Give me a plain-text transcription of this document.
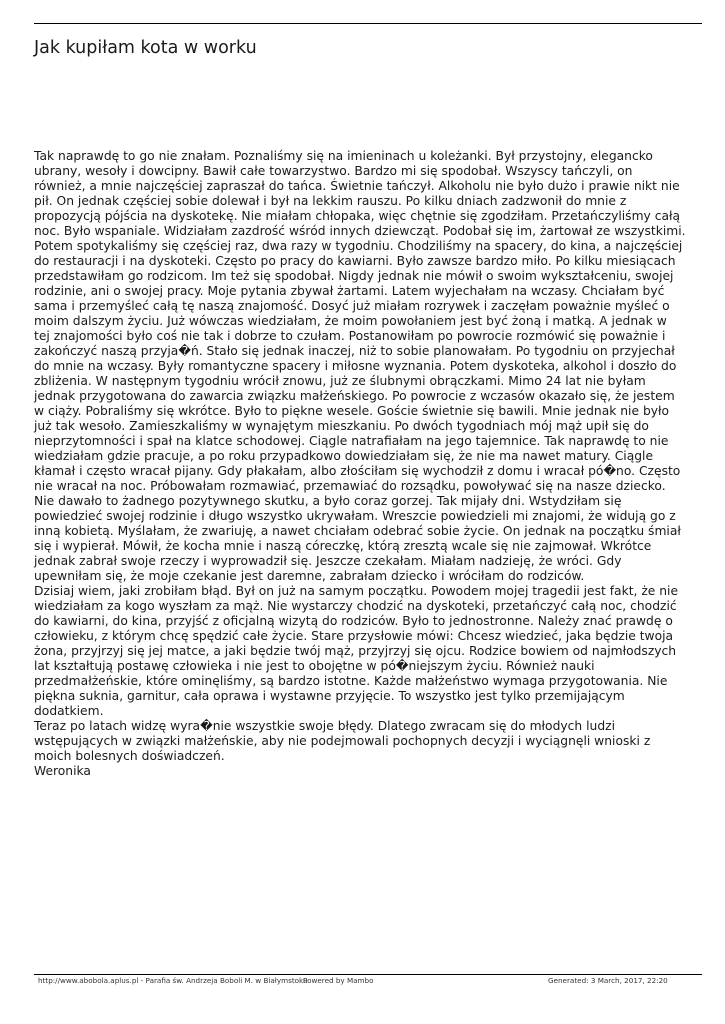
Jak kupiłam kota w worku

Tak naprawdę to go nie znałam. Poznaliśmy się na imieninach u koleżanki. Był przystojny, elegancko
ubrany, wesoły i dowcipny. Bawił całe towarzystwo. Bardzo mi się spodobał. Wszyscy tańczyli, on
również, a mnie najczęściej zapraszał do tańca. Świetnie tańczył. Alkoholu nie było dużo i prawie nikt nie
pił. On jednak częściej sobie dolewał i był na lekkim rauszu. Po kilku dniach zadzwonił do mnie z
propozycją pójścia na dyskotekę. Nie miałam chłopaka, więc chętnie się zgodziłam. Przetańczyliśmy całą
noc. Było wspaniale. Widziałam zazdrość wśród innych dziewcząt. Podobał się im, żartował ze wszystkimi.
Potem spotykaliśmy się częściej raz, dwa razy w tygodniu. Chodziliśmy na spacery, do kina, a najczęściej
do restauracji i na dyskoteki. Często po pracy do kawiarni. Było zawsze bardzo miło. Po kilku miesiącach
przedstawiłam go rodzicom. Im też się spodobał. Nigdy jednak nie mówił o swoim wykształceniu, swojej
rodzinie, ani o swojej pracy. Moje pytania zbywał żartami. Latem wyjechałam na wczasy. Chciałam być
sama i przemyśleć całą tę naszą znajomość. Dosyć już miałam rozrywek i zaczęłam poważnie myśleć o
moim dalszym życiu. Już wówczas wiedziałam, że moim powołaniem jest być żoną i matką. A jednak w
tej znajomości było coś nie tak i dobrze to czułam. Postanowiłam po powrocie rozmówić się poważnie i
zakończyć naszą przyja�ń. Stało się jednak inaczej, niż to sobie planowałam. Po tygodniu on przyjechał
do mnie na wczasy. Były romantyczne spacery i miłosne wyznania. Potem dyskoteka, alkohol i doszło do
zbliżenia. W następnym tygodniu wrócił znowu, już ze ślubnymi obrączkami. Mimo 24 lat nie byłam
jednak przygotowana do zawarcia związku małżeńskiego. Po powrocie z wczasów okazało się, że jestem
w ciąży. Pobraliśmy się wkrótce. Było to piękne wesele. Goście świetnie się bawili. Mnie jednak nie było
już tak wesoło. Zamieszkaliśmy w wynajętym mieszkaniu. Po dwóch tygodniach mój mąż upił się do
nieprzytomności i spał na klatce schodowej. Ciągle natrafiałam na jego tajemnice. Tak naprawdę to nie
wiedziałam gdzie pracuje, a po roku przypadkowo dowiedziałam się, że nie ma nawet matury. Ciągle
kłamał i często wracał pijany. Gdy płakałam, albo złościłam się wychodził z domu i wracał pó�no. Często
nie wracał na noc. Próbowałam rozmawiać, przemawiać do rozsądku, powoływać się na nasze dziecko.
Nie dawało to żadnego pozytywnego skutku, a było coraz gorzej. Tak mijały dni. Wstydziłam się
powiedzieć swojej rodzinie i długo wszystko ukrywałam. Wreszcie powiedzieli mi znajomi, że widują go z
inną kobietą. Myślałam, że zwariuję, a nawet chciałam odebrać sobie życie. On jednak na początku śmiał
się i wypierał. Mówił, że kocha mnie i naszą córeczkę, którą zresztą wcale się nie zajmował. Wkrótce
jednak zabrał swoje rzeczy i wyprowadził się. Jeszcze czekałam. Miałam nadzieję, że wróci. Gdy
upewniłam się, że moje czekanie jest daremne, zabrałam dziecko i wróciłam do rodziców.

Dzisiaj wiem, jaki zrobiłam błąd. Był on już na samym początku. Powodem mojej tragedii jest fakt, że nie
wiedziałam za kogo wyszłam za mąż. Nie wystarczy chodzić na dyskoteki, przetańczyć całą noc, chodzić
do kawiarni, do kina, przyjść z oficjalną wizytą do rodziców. Było to jednostronne. Należy znać prawdę o
człowieku, z którym chcę spędzić całe życie. Stare przysłowie mówi: Chcesz wiedzieć, jaka będzie twoja
żona, przyjrzyj się jej matce, a jaki będzie twój mąż, przyjrzyj się ojcu. Rodzice bowiem od najmłodszych
lat kształtują postawę człowieka i nie jest to obojętne w pó�niejszym życiu. Również nauki
przedmałżeńskie, które ominęliśmy, są bardzo istotne. Każde małżeństwo wymaga przygotowania. Nie
piękna suknia, garnitur, cała oprawa i wystawne przyjęcie. To wszystko jest tylko przemijającym
dodatkiem.

Teraz po latach widzę wyra�nie wszystkie swoje błędy. Dlatego zwracam się do młodych ludzi
wstępujących w związki małżeńskie, aby nie podejmowali pochopnych decyzji i wyciągnęli wnioski z
moich bolesnych doświadczeń.

Weronika

http://www.abobola.aplus.pl - Parafia św. Andrzeja Boboli M. w Białymstoku
Powered by Mambo	Generated: 3 March, 2017, 22:20
